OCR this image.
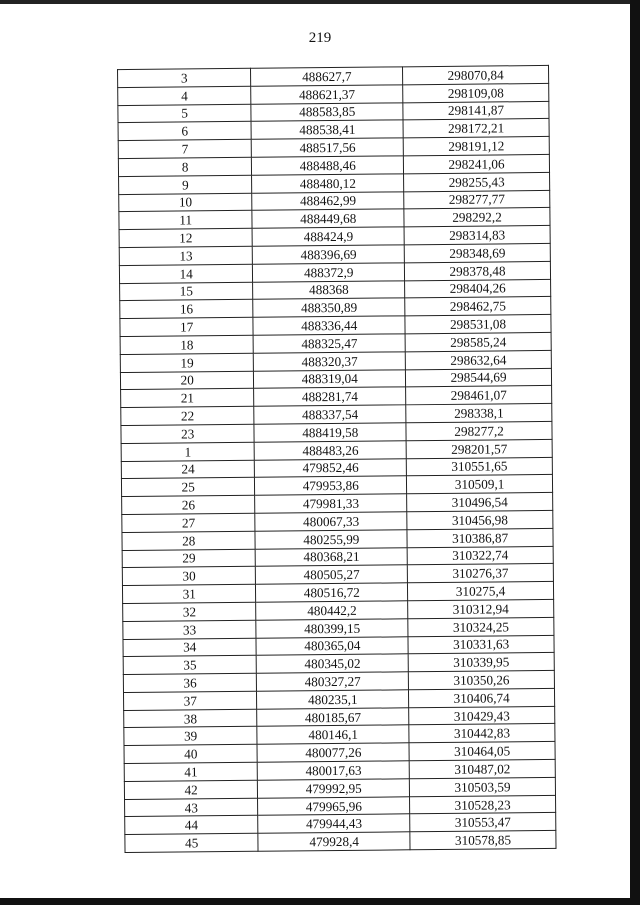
219
3	488627,7	298070,84
4	488621,37	298109,08
5	488583,85	298141,87
6	488538,41	298172,21
7	488517,56	298191,12
8	488488,46	298241,06
9	488480,12	298255,43
10	488462,99	298277,77
11	488449,68	298292,2
12	488424,9	298314,83
13	488396,69	298348,69
14	488372,9	298378,48
15	488368	298404,26
16	488350,89	298462,75
17	488336,44	298531,08
18	488325,47	298585,24
19	488320,37	298632,64
20	488319,04	298544,69
21	488281,74	298461,07
22	488337,54	298338,1
23	488419,58	298277,2
1	488483,26	298201,57
24	479852,46	310551,65
25	479953,86	310509,1
26	479981,33	310496,54
27	480067,33	310456,98
28	480255,99	310386,87
29	480368,21	310322,74
30	480505,27	310276,37
31	480516,72	310275,4
32	480442,2	310312,94
33	480399,15	310324,25
34	480365,04	310331,63
35	480345,02	310339,95
36	480327,27	310350,26
37	480235,1	310406,74
38	480185,67	310429,43
39	480146,1	310442,83
40	480077,26	310464,05
41	480017,63	310487,02
42	479992,95	310503,59
43	479965,96	310528,23
44	479944,43	310553,47
45	479928,4	310578,85
